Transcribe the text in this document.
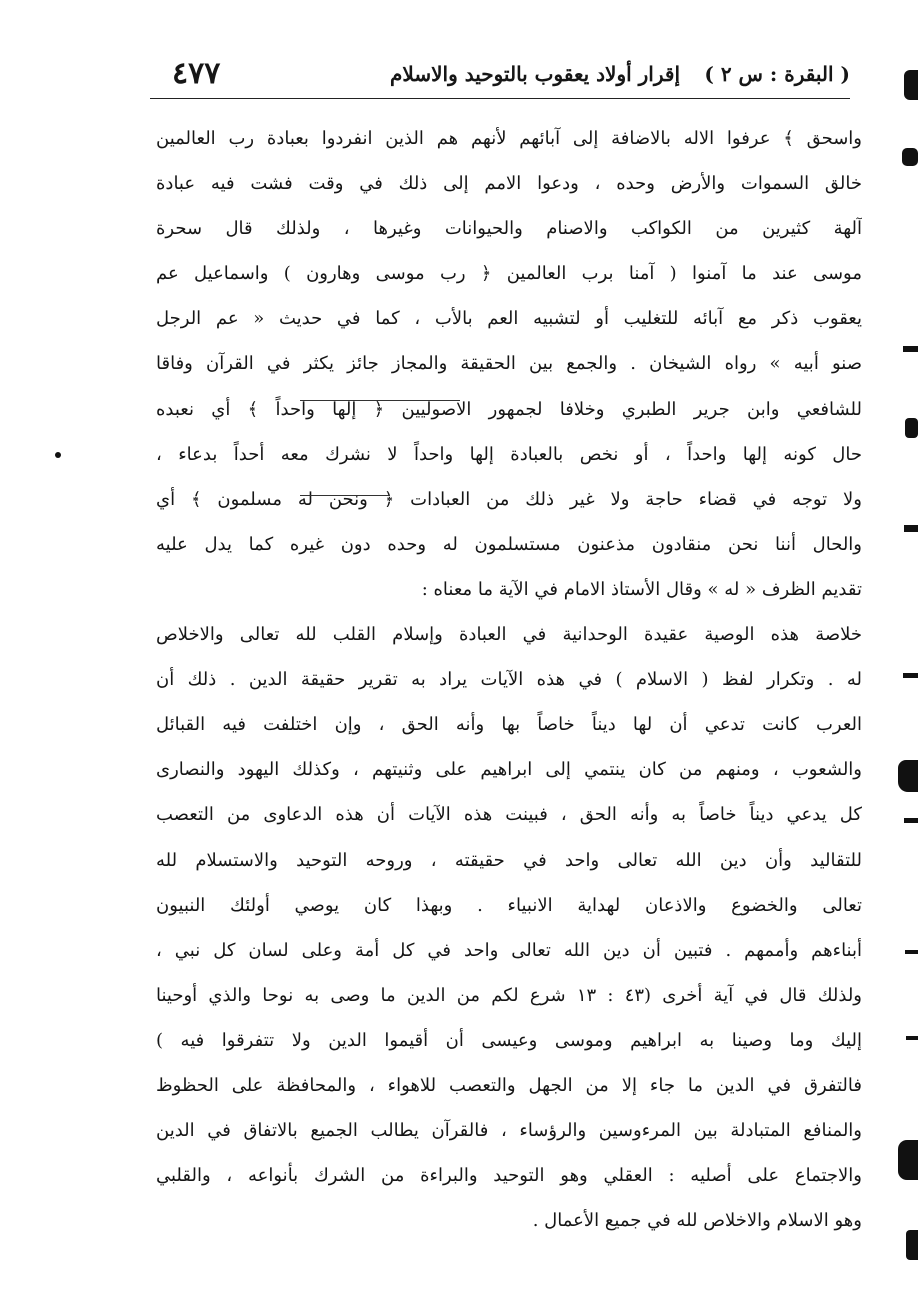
( البقرة : س ٢ )
إقرار أولاد يعقوب بالتوحيد والاسلام
٤٧٧
واسحق ﴾ عرفوا الاله بالاضافة إلى آبائهم لأنهم هم الذين انفردوا بعبادة رب العالمين
خالق السموات والأرض وحده ، ودعوا الامم إلى ذلك في وقت فشت فيه عبادة
آلهة كثيرين من الكواكب والاصنام والحيوانات وغيرها ، ولذلك قال سحرة
موسى عند ما آمنوا ( آمنا برب العالمين ﴿ رب موسى وهارون ) واسماعيل عم
يعقوب ذكر مع آبائه للتغليب أو لتشبيه العم بالأب ، كما في حديث « عم الرجل
صنو أبيه » رواه الشيخان . والجمع بين الحقيقة والمجاز جائز يكثر في القرآن وفاقا
للشافعي وابن جرير الطبري وخلافا لجمهور الاصوليين ﴿ إلها واحداً ﴾ أي نعبده
حال كونه إلها واحداً ، أو نخص بالعبادة إلها واحداً لا نشرك معه أحداً بدعاء ،
ولا توجه في قضاء حاجة ولا غير ذلك من العبادات ﴿ ونحن له مسلمون ﴾ أي
والحال أننا نحن منقادون مذعنون مستسلمون له وحده دون غيره كما يدل عليه
تقديم الظرف « له » وقال الأستاذ الامام في الآية ما معناه :
خلاصة هذه الوصية عقيدة الوحدانية في العبادة وإسلام القلب لله تعالى والاخلاص
له . وتكرار لفظ ( الاسلام ) في هذه الآيات يراد به تقرير حقيقة الدين . ذلك أن
العرب كانت تدعي أن لها ديناً خاصاً بها وأنه الحق ، وإن اختلفت فيه القبائل
والشعوب ، ومنهم من كان ينتمي إلى ابراهيم على وثنيتهم ، وكذلك اليهود والنصارى
كل يدعي ديناً خاصاً به وأنه الحق ، فبينت هذه الآيات أن هذه الدعاوى من التعصب
للتقاليد وأن دين الله تعالى واحد في حقيقته ، وروحه التوحيد والاستسلام لله
تعالى والخضوع والاذعان لهداية الانبياء . وبهذا كان يوصي أولئك النبيون
أبناءهم وأممهم . فتبين أن دين الله تعالى واحد في كل أمة وعلى لسان كل نبي ،
ولذلك قال في آية أخرى (٤٣ : ١٣ شرع لكم من الدين ما وصى به نوحا والذي أوحينا
إليك وما وصينا به ابراهيم وموسى وعيسى أن أقيموا الدين ولا تتفرقوا فيه )
فالتفرق في الدين ما جاء إلا من الجهل والتعصب للاهواء ، والمحافظة على الحظوظ
والمنافع المتبادلة بين المرءوسين والرؤساء ، فالقرآن يطالب الجميع بالاتفاق في الدين
والاجتماع على أصليه : العقلي وهو التوحيد والبراءة من الشرك بأنواعه ، والقلبي
وهو الاسلام والاخلاص لله في جميع الأعمال .
